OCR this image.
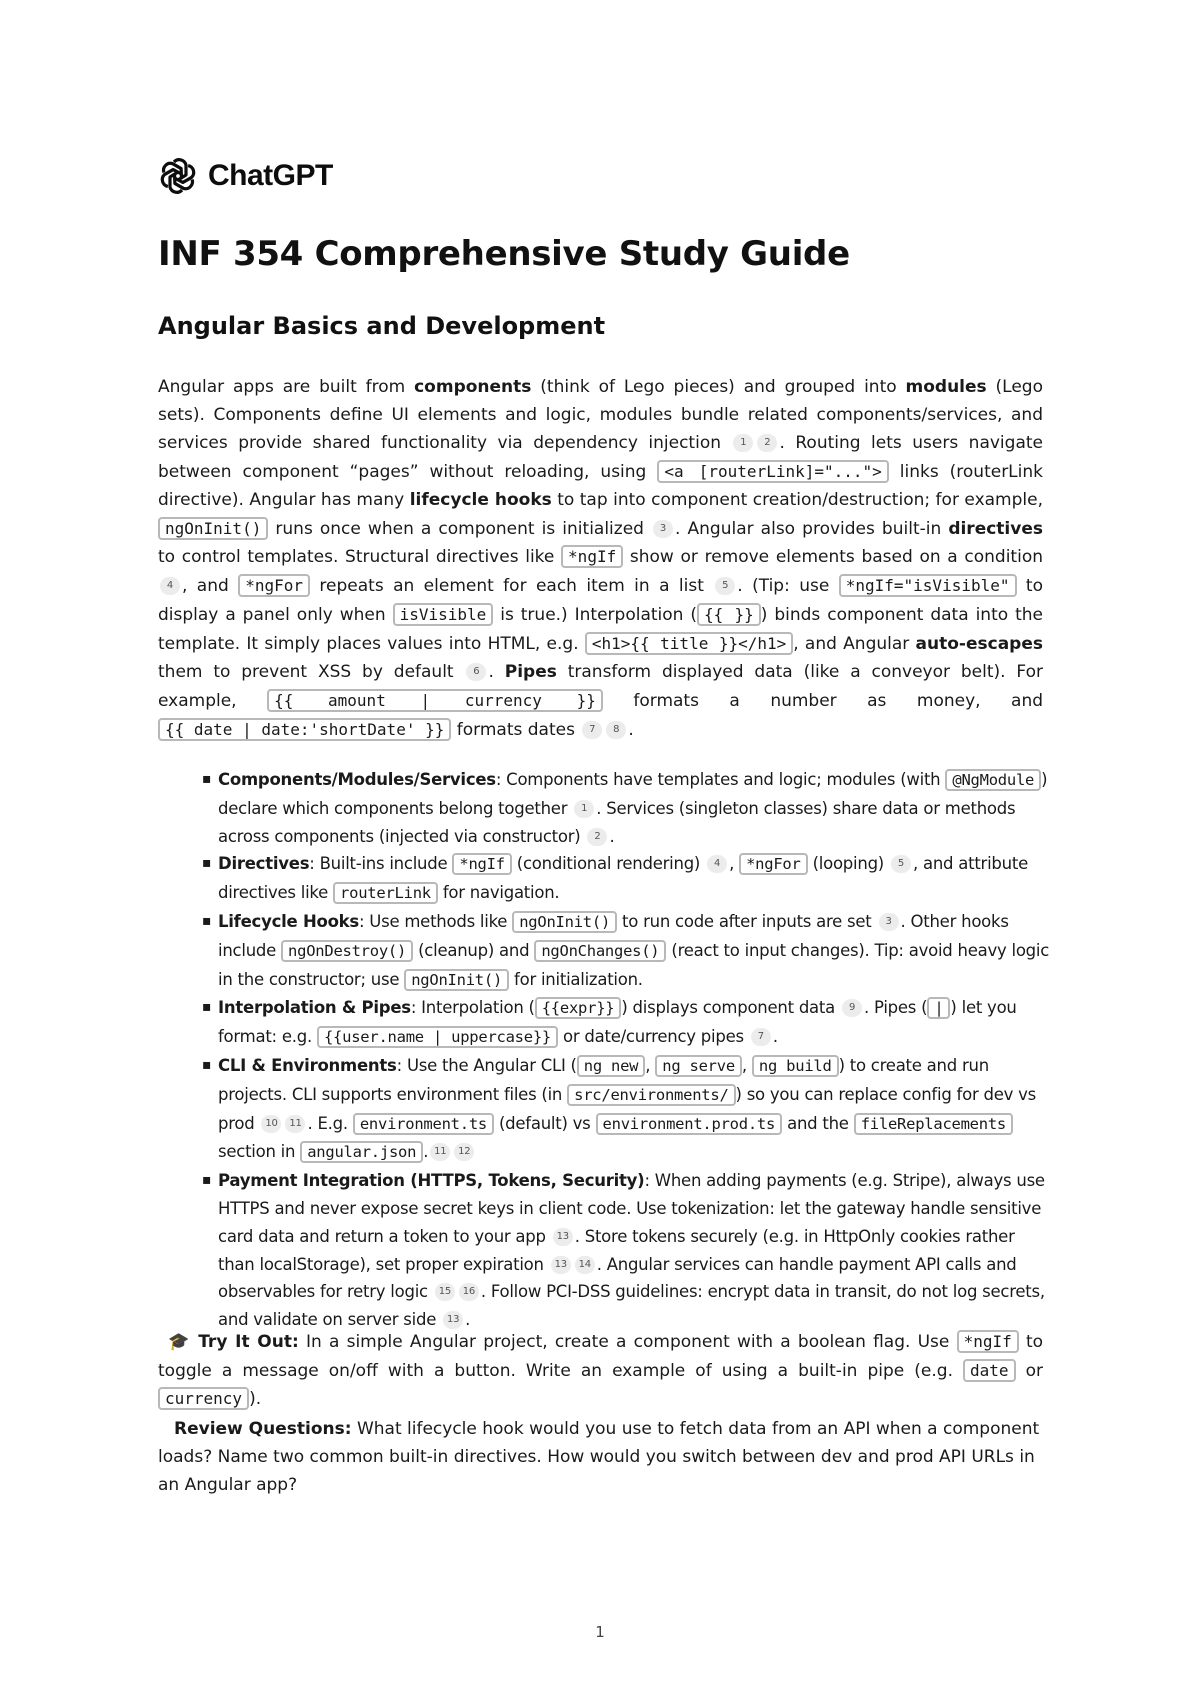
ChatGPT
INF 354 Comprehensive Study Guide
Angular Basics and Development
Angular apps are built from components (think of Lego pieces) and grouped into modules (Lego sets). Components define UI elements and logic, modules bundle related components/services, and services provide shared functionality via dependency injection 1 2 . Routing lets users navigate between component “pages” without reloading, using <a [routerLink]="..."> links (routerLink directive). Angular has many lifecycle hooks to tap into component creation/destruction; for example, ngOnInit() runs once when a component is initialized 3 . Angular also provides built-in directives to control templates. Structural directives like *ngIf show or remove elements based on a condition 4 , and *ngFor repeats an element for each item in a list 5 . (Tip: use *ngIf="isVisible" to display a panel only when isVisible is true.) Interpolation ( {{ }} ) binds component data into the template. It simply places values into HTML, e.g. <h1>{{ title }}</h1> , and Angular auto-escapes them to prevent XSS by default 6 . Pipes transform displayed data (like a conveyor belt). For example, {{ amount | currency }} formats a number as money, and {{ date | date:'shortDate' }} formats dates 7 8 .
▪ Components/Modules/Services: Components have templates and logic; modules (with @NgModule ) declare which components belong together 1 . Services (singleton classes) share data or methods across components (injected via constructor) 2 .
▪ Directives: Built-ins include *ngIf (conditional rendering) 4 , *ngFor (looping) 5 , and attribute directives like routerLink for navigation.
▪ Lifecycle Hooks: Use methods like ngOnInit() to run code after inputs are set 3 . Other hooks include ngOnDestroy() (cleanup) and ngOnChanges() (react to input changes). Tip: avoid heavy logic in the constructor; use ngOnInit() for initialization.
▪ Interpolation & Pipes: Interpolation ( {{expr}} ) displays component data 9 . Pipes ( | ) let you format: e.g. {{user.name | uppercase}} or date/currency pipes 7 .
▪ CLI & Environments: Use the Angular CLI ( ng new , ng serve , ng build ) to create and run projects. CLI supports environment files (in src/environments/ ) so you can replace config for dev vs prod 10 11 . E.g. environment.ts (default) vs environment.prod.ts and the fileReplacements section in angular.json . 11 12
▪ Payment Integration (HTTPS, Tokens, Security): When adding payments (e.g. Stripe), always use HTTPS and never expose secret keys in client code. Use tokenization: let the gateway handle sensitive card data and return a token to your app 13 . Store tokens securely (e.g. in HttpOnly cookies rather than localStorage), set proper expiration 13 14 . Angular services can handle payment API calls and observables for retry logic 15 16 . Follow PCI-DSS guidelines: encrypt data in transit, do not log secrets, and validate on server side 13 .
🎓 Try It Out: In a simple Angular project, create a component with a boolean flag. Use *ngIf to toggle a message on/off with a button. Write an example of using a built-in pipe (e.g. date or currency ).
Review Questions: What lifecycle hook would you use to fetch data from an API when a component loads? Name two common built-in directives. How would you switch between dev and prod API URLs in an Angular app?
1
